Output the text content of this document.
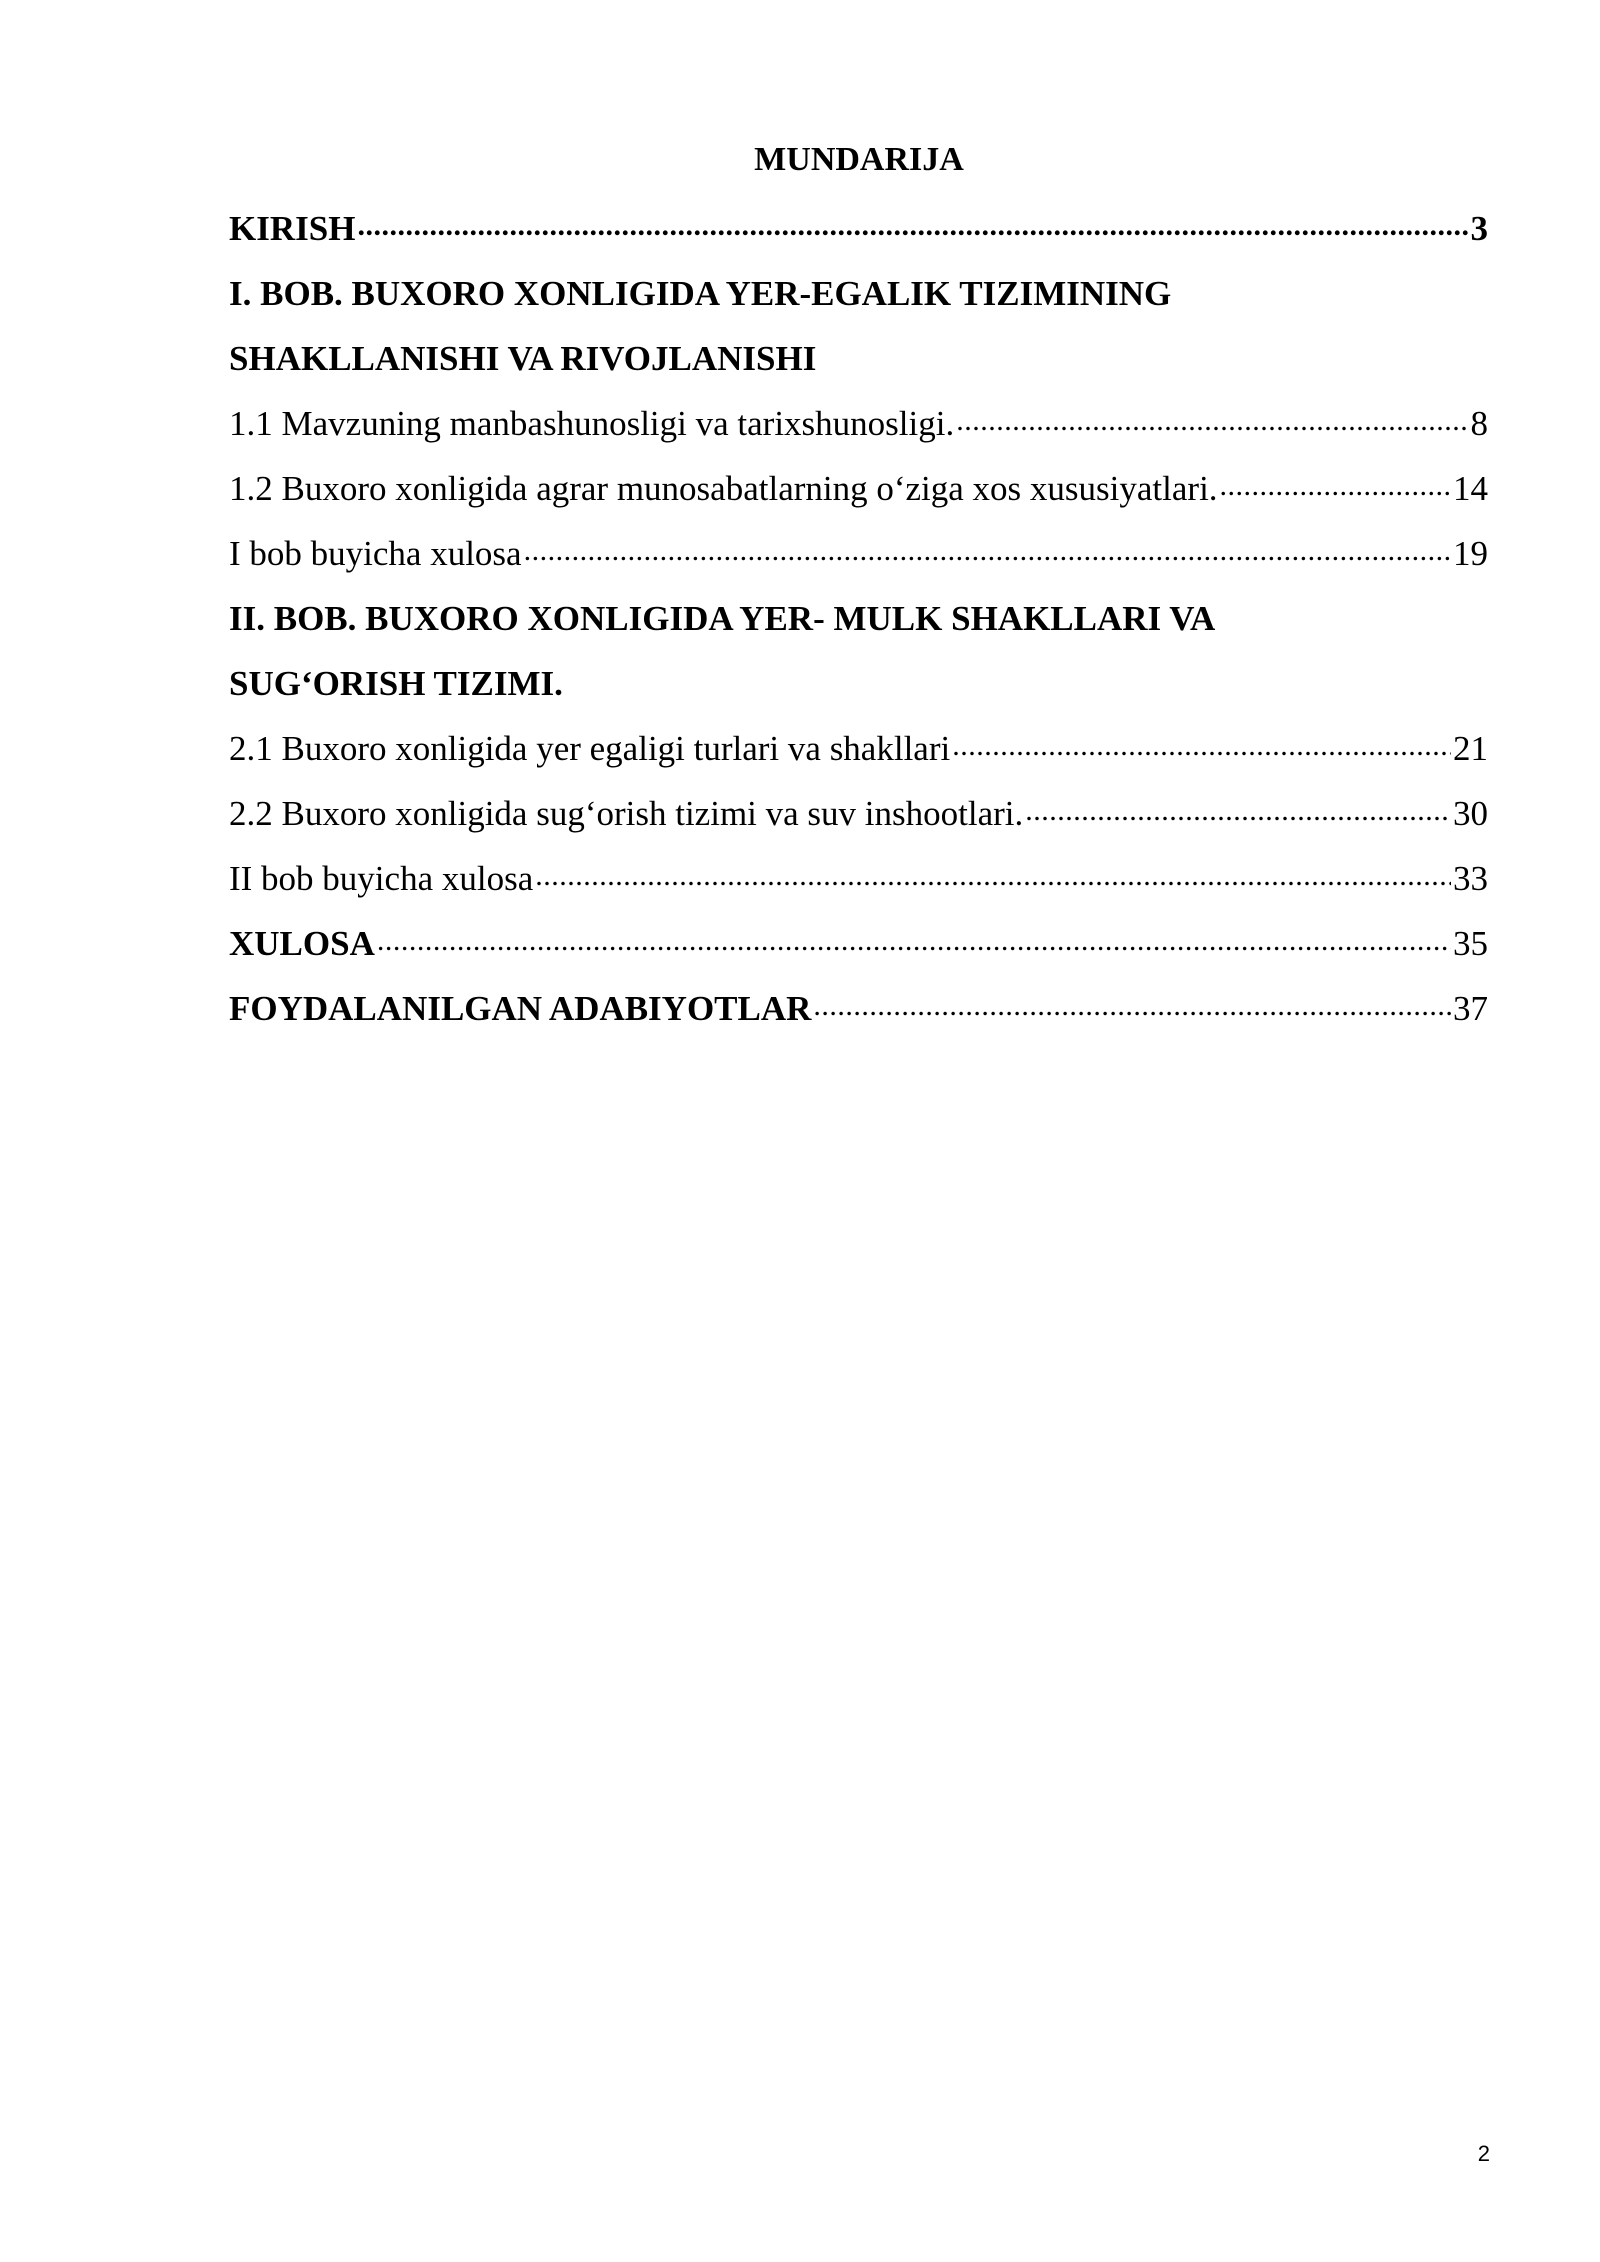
MUNDARIJA
KIRISH .....	3
I. BOB. BUXORO XONLIGIDA YER-EGALIK TIZIMINING
SHAKLLANISHI VA RIVOJLANISHI
1.1 Mavzuning manbashunosligi va tarixshunosligi. .....	8
1.2 Buxoro xonligida agrar munosabatlarning o‘ziga xos xususiyatlari. .....	14
I bob buyicha xulosa .....	19
II. BOB. BUXORO XONLIGIDA YER- MULK SHAKLLARI VA
SUG‘ORISH TIZIMI.
2.1 Buxoro xonligida yer egaligi turlari va shakllari .....	21
2.2 Buxoro xonligida sug‘orish tizimi va suv inshootlari. .....	30
II bob buyicha xulosa .....	33
XULOSA .....	35
FOYDALANILGAN ADABIYOTLAR .....	37
2
